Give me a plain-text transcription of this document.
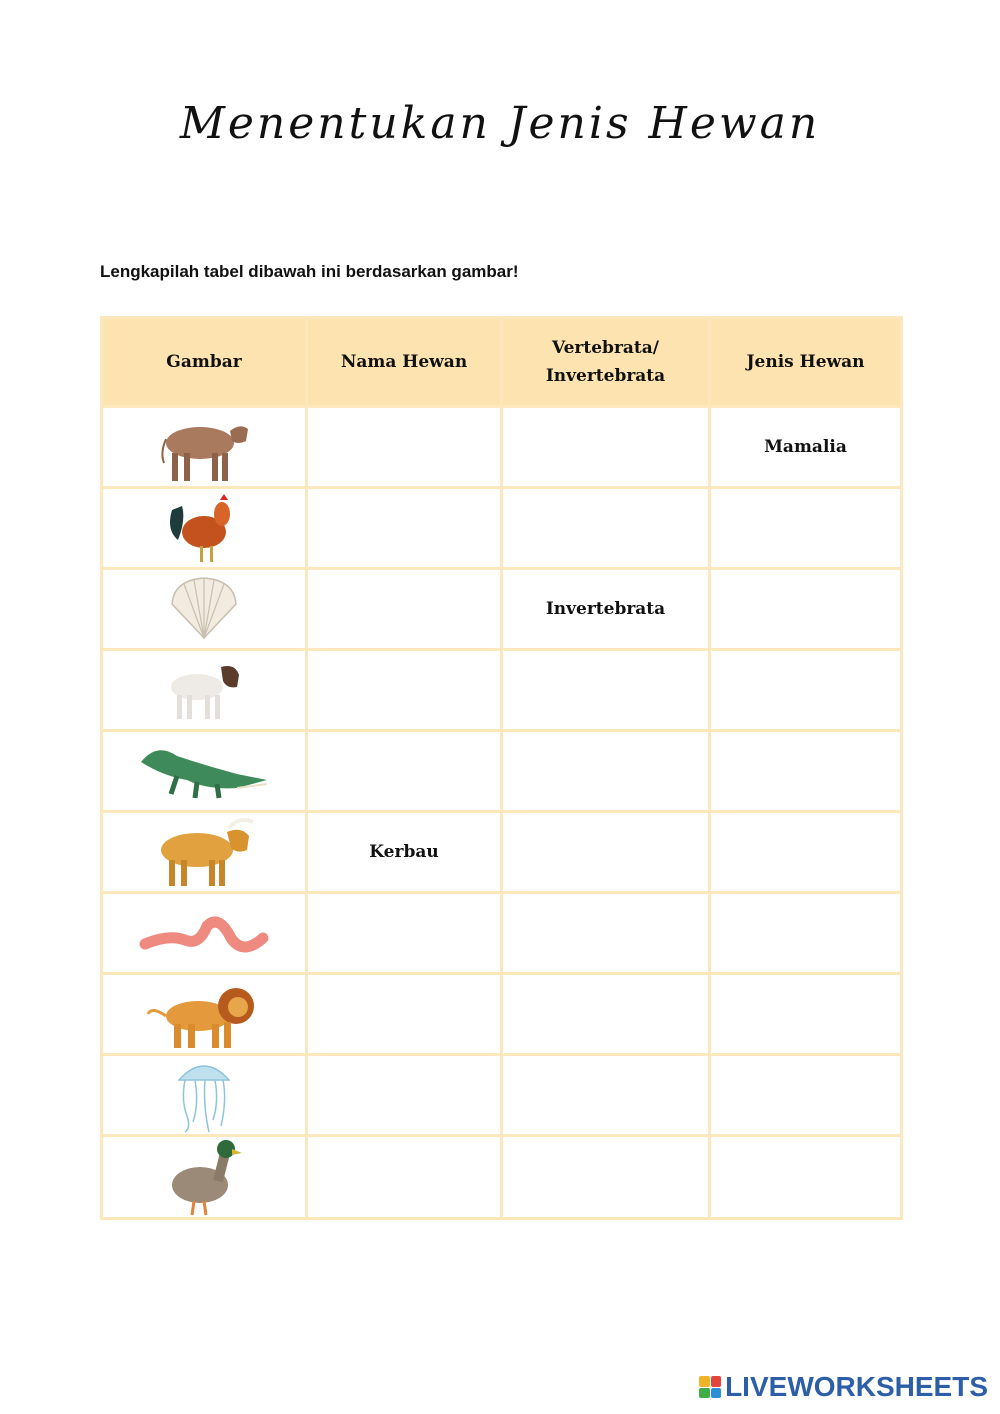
Menentukan Jenis Hewan
Lengkapilah tabel dibawah ini berdasarkan gambar!
Gambar	Nama Hewan	Vertebrata/ Invertebrata	Jenis Hewan

			Mamalia

		Invertebrata	

	Kerbau		

LIVEWORKSHEETS
